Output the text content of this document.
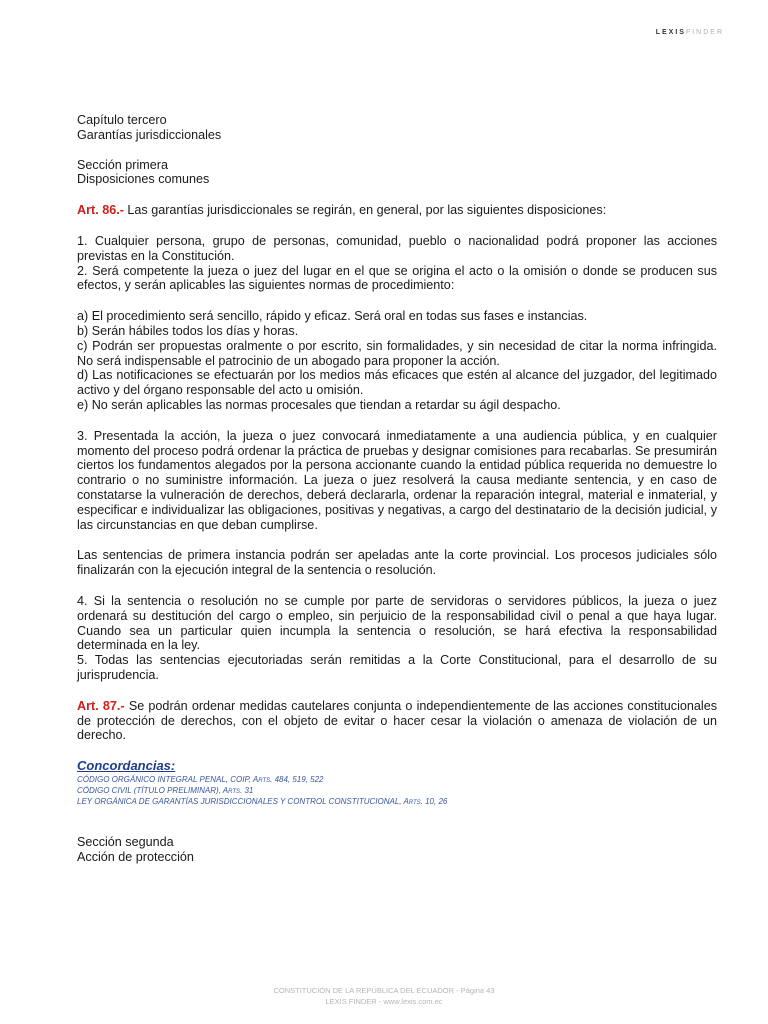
LEXISFINDER

Capítulo tercero

Garantías jurisdiccionales

Sección primera

Disposiciones comunes

Art. 86.- Las garantías jurisdiccionales se regirán, en general, por las siguientes disposiciones:

1. Cualquier persona, grupo de personas, comunidad, pueblo o nacionalidad podrá proponer las acciones previstas en la Constitución.

2. Será competente la jueza o juez del lugar en el que se origina el acto o la omisión o donde se producen sus efectos, y serán aplicables las siguientes normas de procedimiento:

a) El procedimiento será sencillo, rápido y eficaz. Será oral en todas sus fases e instancias.

b) Serán hábiles todos los días y horas.

c) Podrán ser propuestas oralmente o por escrito, sin formalidades, y sin necesidad de citar la norma infringida. No será indispensable el patrocinio de un abogado para proponer la acción.

d) Las notificaciones se efectuarán por los medios más eficaces que estén al alcance del juzgador, del legitimado activo y del órgano responsable del acto u omisión.

e) No serán aplicables las normas procesales que tiendan a retardar su ágil despacho.

3. Presentada la acción, la jueza o juez convocará inmediatamente a una audiencia pública, y en cualquier momento del proceso podrá ordenar la práctica de pruebas y designar comisiones para recabarlas. Se presumirán ciertos los fundamentos alegados por la persona accionante cuando la entidad pública requerida no demuestre lo contrario o no suministre información. La jueza o juez resolverá la causa mediante sentencia, y en caso de constatarse la vulneración de derechos, deberá declararla, ordenar la reparación integral, material e inmaterial, y especificar e individualizar las obligaciones, positivas y negativas, a cargo del destinatario de la decisión judicial, y las circunstancias en que deban cumplirse.

Las sentencias de primera instancia podrán ser apeladas ante la corte provincial. Los procesos judiciales sólo finalizarán con la ejecución integral de la sentencia o resolución.

4. Si la sentencia o resolución no se cumple por parte de servidoras o servidores públicos, la jueza o juez ordenará su destitución del cargo o empleo, sin perjuicio de la responsabilidad civil o penal a que haya lugar. Cuando sea un particular quien incumpla la sentencia o resolución, se hará efectiva la responsabilidad determinada en la ley.

5. Todas las sentencias ejecutoriadas serán remitidas a la Corte Constitucional, para el desarrollo de su jurisprudencia.

Art. 87.- Se podrán ordenar medidas cautelares conjunta o independientemente de las acciones constitucionales de protección de derechos, con el objeto de evitar o hacer cesar la violación o amenaza de violación de un derecho.

Concordancias:

CÓDIGO ORGÁNICO INTEGRAL PENAL, COIP, Arts. 484, 519, 522

CÓDIGO CIVIL (TÍTULO PRELIMINAR), Arts. 31

LEY ORGÁNICA DE GARANTÍAS JURISDICCIONALES Y CONTROL CONSTITUCIONAL, Arts. 10, 26

Sección segunda

Acción de protección

CONSTITUCIÓN DE LA REPÚBLICA DEL ECUADOR - Página 43
LEXIS FINDER - www.lexis.com.ec
